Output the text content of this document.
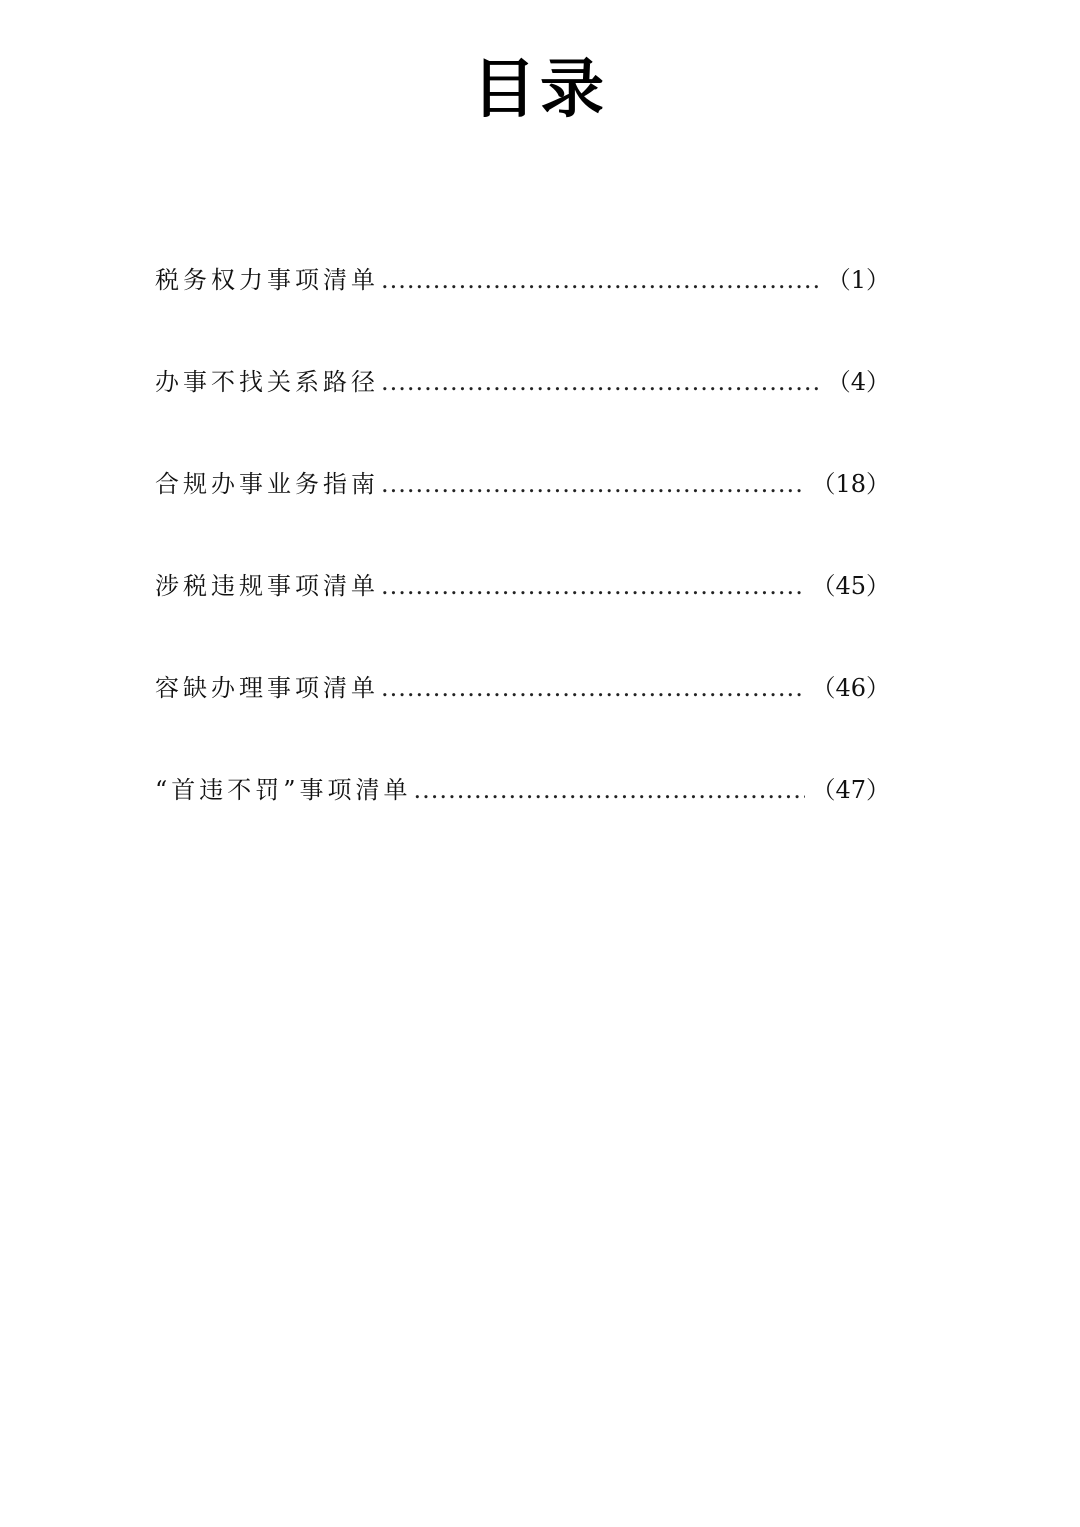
目录
税务权力事项清单 .....	（1）
办事不找关系路径 .....	（4）
合规办事业务指南 .....	（18）
涉税违规事项清单 .....	（45）
容缺办理事项清单 .....	（46）
“首违不罚”事项清单 .....	（47）
